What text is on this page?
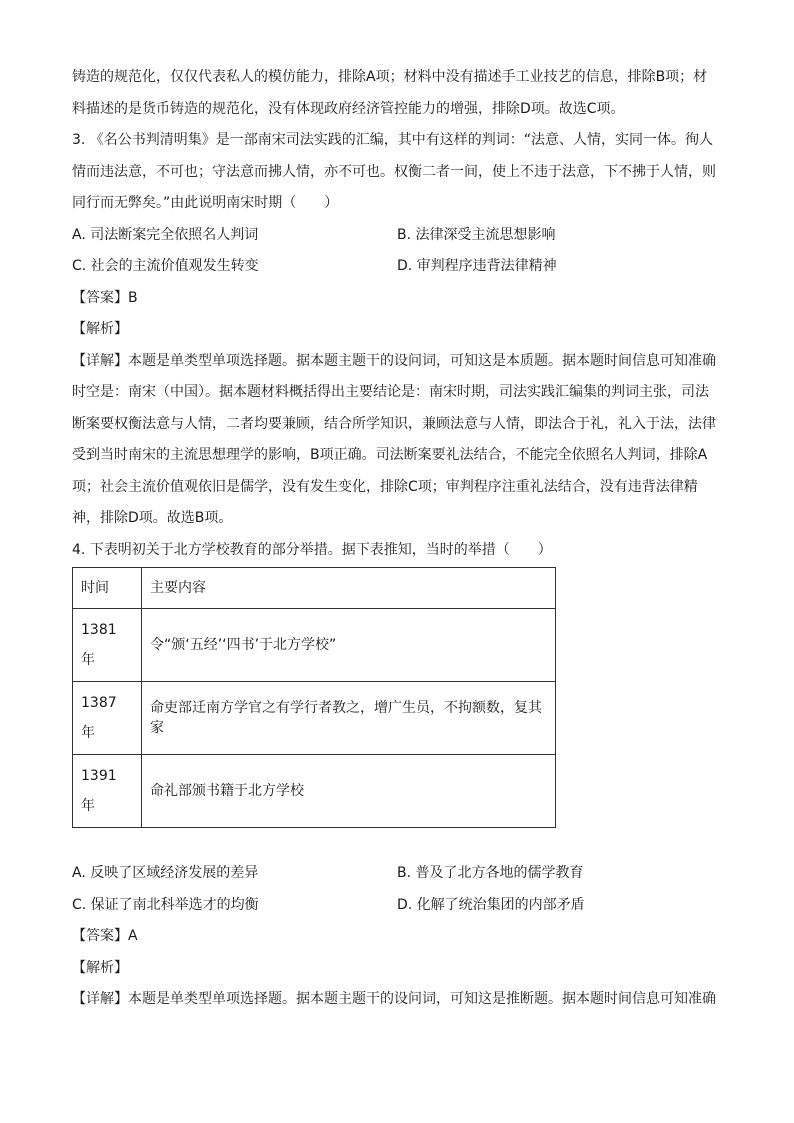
铸造的规范化，仅仅代表私人的模仿能力，排除A项；材料中没有描述手工业技艺的信息，排除B项；材
料描述的是货币铸造的规范化，没有体现政府经济管控能力的增强，排除D项。故选C项。
3. 《名公书判清明集》是一部南宋司法实践的汇编，其中有这样的判词：“法意、人情，实同一体。徇人
情而违法意，不可也；守法意而拂人情，亦不可也。权衡二者一间，使上不违于法意，下不拂于人情，则
同行而无弊矣。”由此说明南宋时期（　　）
A. 司法断案完全依照名人判词	B. 法律深受主流思想影响
C. 社会的主流价值观发生转变	D. 审判程序违背法律精神
【答案】B
【解析】
【详解】本题是单类型单项选择题。据本题主题干的设问词，可知这是本质题。据本题时间信息可知准确
时空是：南宋（中国）。据本题材料概括得出主要结论是：南宋时期，司法实践汇编集的判词主张，司法
断案要权衡法意与人情，二者均要兼顾，结合所学知识，兼顾法意与人情，即法合于礼，礼入于法，法律
受到当时南宋的主流思想理学的影响，B项正确。司法断案要礼法结合，不能完全依照名人判词，排除A
项；社会主流价值观依旧是儒学，没有发生变化，排除C项；审判程序注重礼法结合，没有违背法律精
神，排除D项。故选B项。
4. 下表明初关于北方学校教育的部分举措。据下表推知，当时的举措（　　）
时间	主要内容
1381
年	令“颁‘五经’‘四书’于北方学校”
1387
年	命吏部迁南方学官之有学行者教之，增广生员，不拘额数，复其家
1391
年	命礼部颁书籍于北方学校
A. 反映了区域经济发展的差异	B. 普及了北方各地的儒学教育
C. 保证了南北科举选才的均衡	D. 化解了统治集团的内部矛盾
【答案】A
【解析】
【详解】本题是单类型单项选择题。据本题主题干的设问词，可知这是推断题。据本题时间信息可知准确
